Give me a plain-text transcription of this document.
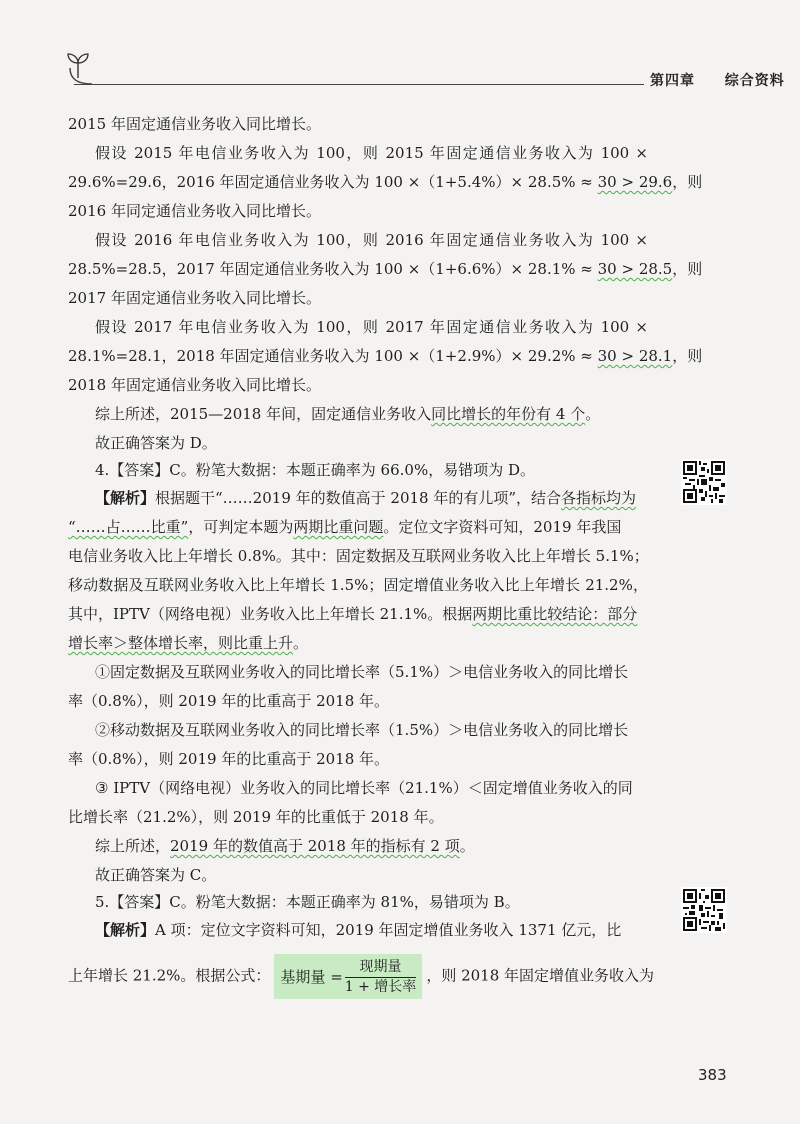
第四章 综合资料
2015 年固定通信业务收入同比增长。
假设 2015 年电信业务收入为 100，则 2015 年固定通信业务收入为 100 ×
29.6%=29.6，2016 年固定通信业务收入为 100 ×（1+5.4%）× 28.5% ≈ 30 > 29.6，则
2016 年同定通信业务收入同比增长。
假设 2016 年电信业务收入为 100，则 2016 年固定通信业务收入为 100 ×
28.5%=28.5，2017 年固定通信业务收入为 100 ×（1+6.6%）× 28.1% ≈ 30 > 28.5，则
2017 年固定通信业务收入同比增长。
假设 2017 年电信业务收入为 100，则 2017 年固定通信业务收入为 100 ×
28.1%=28.1，2018 年固定通信业务收入为 100 ×（1+2.9%）× 29.2% ≈ 30 > 28.1，则
2018 年固定通信业务收入同比增长。
综上所述，2015—2018 年间，固定通信业务收入同比增长的年份有 4 个。
故正确答案为 D。
4.【答案】C。粉笔大数据：本题正确率为 66.0%，易错项为 D。
【解析】根据题干“……2019 年的数值高于 2018 年的有儿项”，结合各指标均为
“……占……比重”，可判定本题为两期比重问题。定位文字资料可知，2019 年我国
电信业务收入比上年增长 0.8%。其中：固定数据及互联网业务收入比上年增长 5.1%；
移动数据及互联网业务收入比上年增长 1.5%；固定增值业务收入比上年增长 21.2%，
其中，IPTV（网络电视）业务收入比上年增长 21.1%。根据两期比重比较结论：部分
增长率＞整体增长率，则比重上升。
①固定数据及互联网业务收入的同比增长率（5.1%）＞电信业务收入的同比增长
率（0.8%），则 2019 年的比重高于 2018 年。
②移动数据及互联网业务收入的同比增长率（1.5%）＞电信业务收入的同比增长
率（0.8%），则 2019 年的比重高于 2018 年。
③ IPTV（网络电视）业务收入的同比增长率（21.1%）＜固定增值业务收入的同
比增长率（21.2%），则 2019 年的比重低于 2018 年。
综上所述，2019 年的数值高于 2018 年的指标有 2 项。
故正确答案为 C。
5.【答案】C。粉笔大数据：本题正确率为 81%，易错项为 B。
【解析】A 项：定位文字资料可知，2019 年固定增值业务收入 1371 亿元，比
上年增长 21.2%。根据公式： 基期量 = $\frac{\text{现期量}}{\text{1 + 增长率}}$ ，则 2018 年固定增值业务收入为
383
